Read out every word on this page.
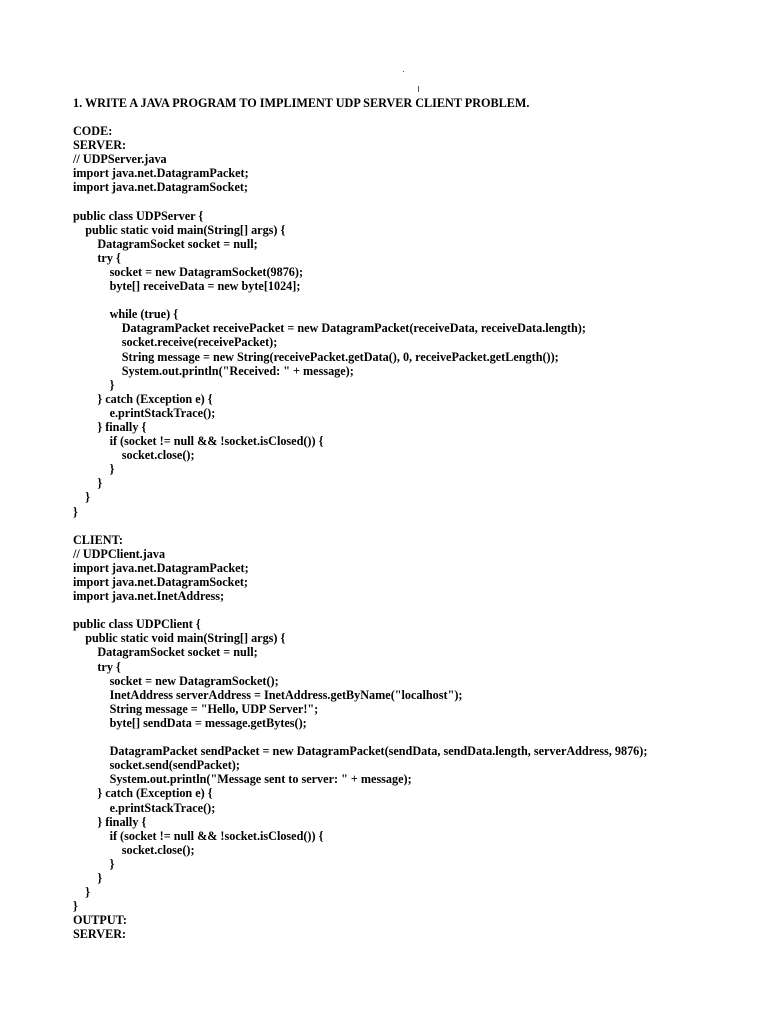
1. WRITE A JAVA PROGRAM TO IMPLIMENT UDP SERVER CLIENT PROBLEM.
CODE:
SERVER:
// UDPServer.java
import java.net.DatagramPacket;
import java.net.DatagramSocket;
public class UDPServer {
public static void main(String[] args) {
DatagramSocket socket = null;
try {
socket = new DatagramSocket(9876);
byte[] receiveData = new byte[1024];
while (true) {
DatagramPacket receivePacket = new DatagramPacket(receiveData, receiveData.length);
socket.receive(receivePacket);
String message = new String(receivePacket.getData(), 0, receivePacket.getLength());
System.out.println("Received: " + message);
}
} catch (Exception e) {
e.printStackTrace();
} finally {
if (socket != null && !socket.isClosed()) {
socket.close();
}
}
}
}
CLIENT:
// UDPClient.java
import java.net.DatagramPacket;
import java.net.DatagramSocket;
import java.net.InetAddress;
public class UDPClient {
public static void main(String[] args) {
DatagramSocket socket = null;
try {
socket = new DatagramSocket();
InetAddress serverAddress = InetAddress.getByName("localhost");
String message = "Hello, UDP Server!";
byte[] sendData = message.getBytes();
DatagramPacket sendPacket = new DatagramPacket(sendData, sendData.length, serverAddress, 9876);
socket.send(sendPacket);
System.out.println("Message sent to server: " + message);
} catch (Exception e) {
e.printStackTrace();
} finally {
if (socket != null && !socket.isClosed()) {
socket.close();
}
}
}
}
OUTPUT:
SERVER:
